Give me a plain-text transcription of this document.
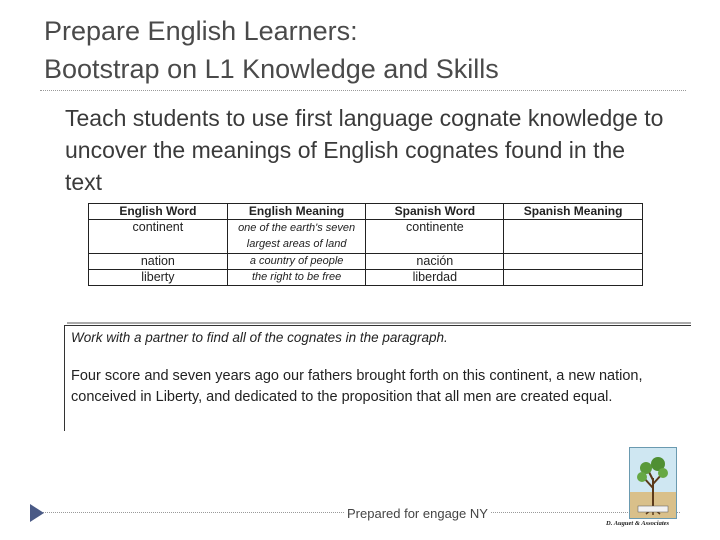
Prepare English Learners:
Bootstrap on L1 Knowledge and Skills
Teach students to use first language cognate knowledge to uncover the meanings of English cognates found in the text
English Word	English Meaning	Spanish Word	Spanish Meaning
continent	one of the earth's seven largest areas of land	continente	
nation	a country of people	nación	
liberty	the right to be free	liberdad	
Work with a partner to find all of the cognates in the paragraph.
Four score and seven years ago our fathers brought forth on this continent, a new nation, conceived in Liberty, and dedicated to the proposition that all men are created equal.
Prepared for engage NY
D. Auguet & Associates
